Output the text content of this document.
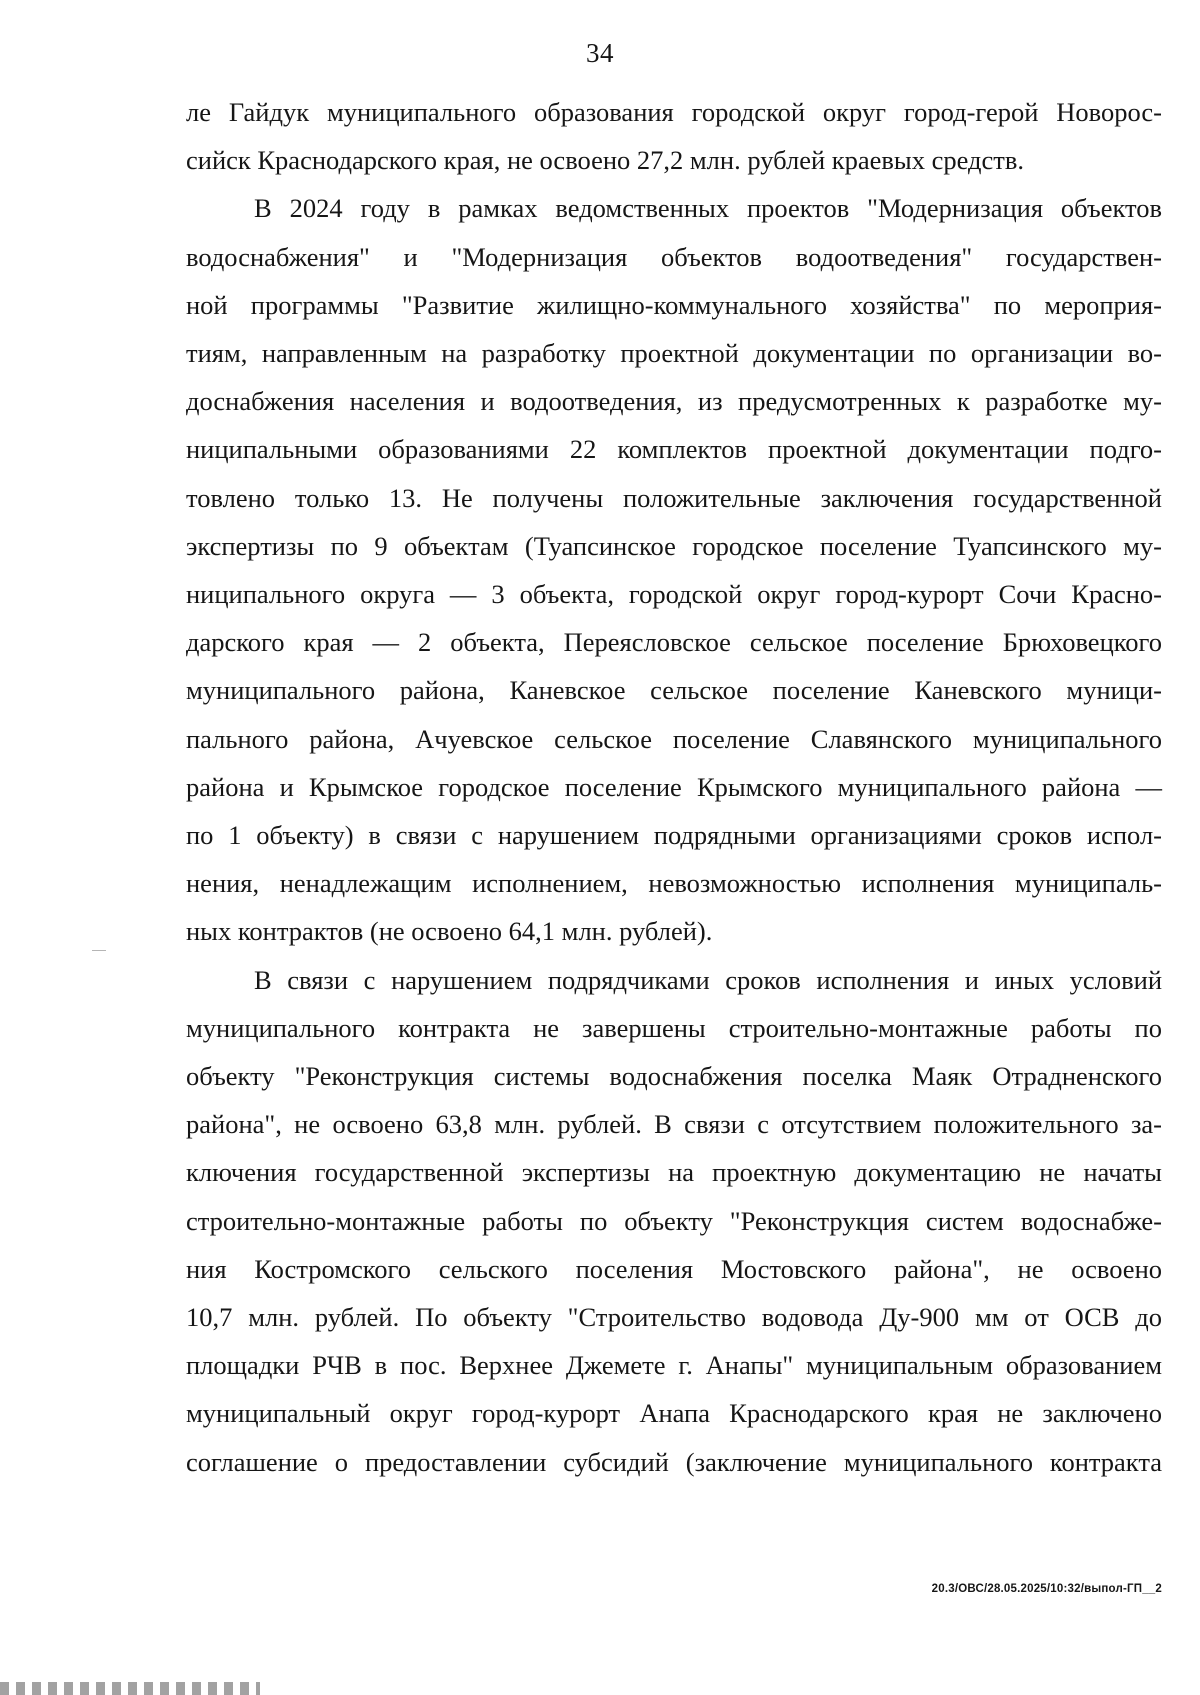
34
ле Гайдук муниципального образования городской округ город-герой Новорос-
сийск Краснодарского края, не освоено 27,2 млн. рублей краевых средств.
В 2024 году в рамках ведомственных проектов "Модернизация объектов
водоснабжения" и "Модернизация объектов водоотведения" государствен-
ной программы "Развитие жилищно-коммунального хозяйства" по мероприя-
тиям, направленным на разработку проектной документации по организации во-
доснабжения населения и водоотведения, из предусмотренных к разработке му-
ниципальными образованиями 22 комплектов проектной документации подго-
товлено только 13. Не получены положительные заключения государственной
экспертизы по 9 объектам (Туапсинское городское поселение Туапсинского му-
ниципального округа — 3 объекта, городской округ город-курорт Сочи Красно-
дарского края — 2 объекта, Переясловское сельское поселение Брюховецкого
муниципального района, Каневское сельское поселение Каневского муници-
пального района, Ачуевское сельское поселение Славянского муниципального
района и Крымское городское поселение Крымского муниципального района —
по 1 объекту) в связи с нарушением подрядными организациями сроков испол-
нения, ненадлежащим исполнением, невозможностью исполнения муниципаль-
ных контрактов (не освоено 64,1 млн. рублей).
В связи с нарушением подрядчиками сроков исполнения и иных условий
муниципального контракта не завершены строительно-монтажные работы по
объекту "Реконструкция системы водоснабжения поселка Маяк Отрадненского
района", не освоено 63,8 млн. рублей. В связи с отсутствием положительного за-
ключения государственной экспертизы на проектную документацию не начаты
строительно-монтажные работы по объекту "Реконструкция систем водоснабже-
ния Костромского сельского поселения Мостовского района", не освоено
10,7 млн. рублей. По объекту "Строительство водовода Ду-900 мм от ОСВ до
площадки РЧВ в пос. Верхнее Джемете г. Анапы" муниципальным образованием
муниципальный округ город-курорт Анапа Краснодарского края не заключено
соглашение о предоставлении субсидий (заключение муниципального контракта
20.3/ОВС/28.05.2025/10:32/выпол-ГП__2
